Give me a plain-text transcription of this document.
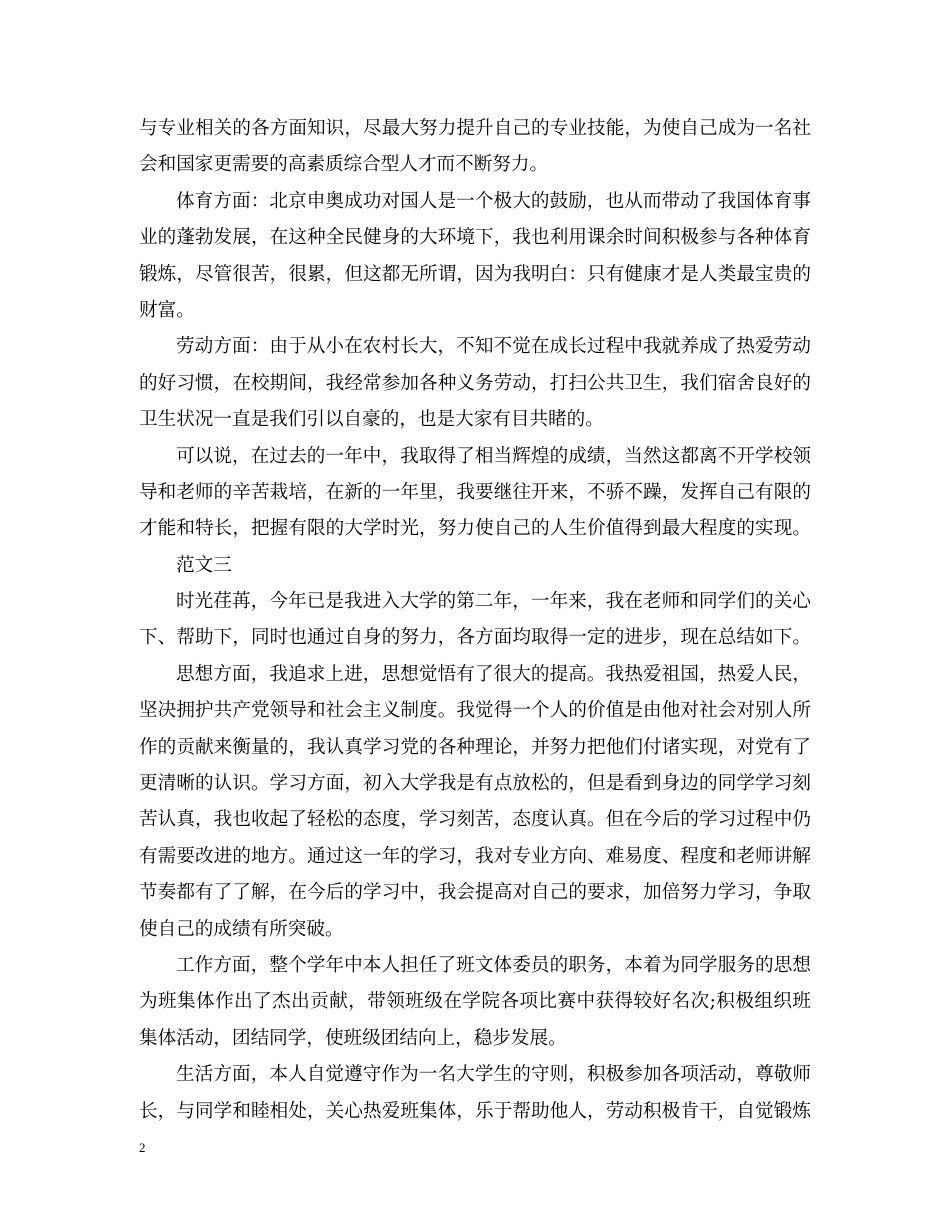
与专业相关的各方面知识，尽最大努力提升自己的专业技能，为使自己成为一名社
会和国家更需要的高素质综合型人才而不断努力。
体育方面：北京申奥成功对国人是一个极大的鼓励，也从而带动了我国体育事
业的蓬勃发展，在这种全民健身的大环境下，我也利用课余时间积极参与各种体育
锻炼，尽管很苦，很累，但这都无所谓，因为我明白：只有健康才是人类最宝贵的
财富。
劳动方面：由于从小在农村长大，不知不觉在成长过程中我就养成了热爱劳动
的好习惯，在校期间，我经常参加各种义务劳动，打扫公共卫生，我们宿舍良好的
卫生状况一直是我们引以自豪的，也是大家有目共睹的。
可以说，在过去的一年中，我取得了相当辉煌的成绩，当然这都离不开学校领
导和老师的辛苦栽培，在新的一年里，我要继往开来，不骄不躁，发挥自己有限的
才能和特长，把握有限的大学时光，努力使自己的人生价值得到最大程度的实现。
范文三
时光荏苒，今年已是我进入大学的第二年，一年来，我在老师和同学们的关心
下、帮助下，同时也通过自身的努力，各方面均取得一定的进步，现在总结如下。
思想方面，我追求上进，思想觉悟有了很大的提高。我热爱祖国，热爱人民，
坚决拥护共产党领导和社会主义制度。我觉得一个人的价值是由他对社会对别人所
作的贡献来衡量的，我认真学习党的各种理论，并努力把他们付诸实现，对党有了
更清晰的认识。学习方面，初入大学我是有点放松的，但是看到身边的同学学习刻
苦认真，我也收起了轻松的态度，学习刻苦，态度认真。但在今后的学习过程中仍
有需要改进的地方。通过这一年的学习，我对专业方向、难易度、程度和老师讲解
节奏都有了了解，在今后的学习中，我会提高对自己的要求，加倍努力学习，争取
使自己的成绩有所突破。
工作方面，整个学年中本人担任了班文体委员的职务，本着为同学服务的思想
为班集体作出了杰出贡献，带领班级在学院各项比赛中获得较好名次;积极组织班
集体活动，团结同学，使班级团结向上，稳步发展。
生活方面，本人自觉遵守作为一名大学生的守则，积极参加各项活动，尊敬师
长，与同学和睦相处，关心热爱班集体，乐于帮助他人，劳动积极肯干，自觉锻炼
2
